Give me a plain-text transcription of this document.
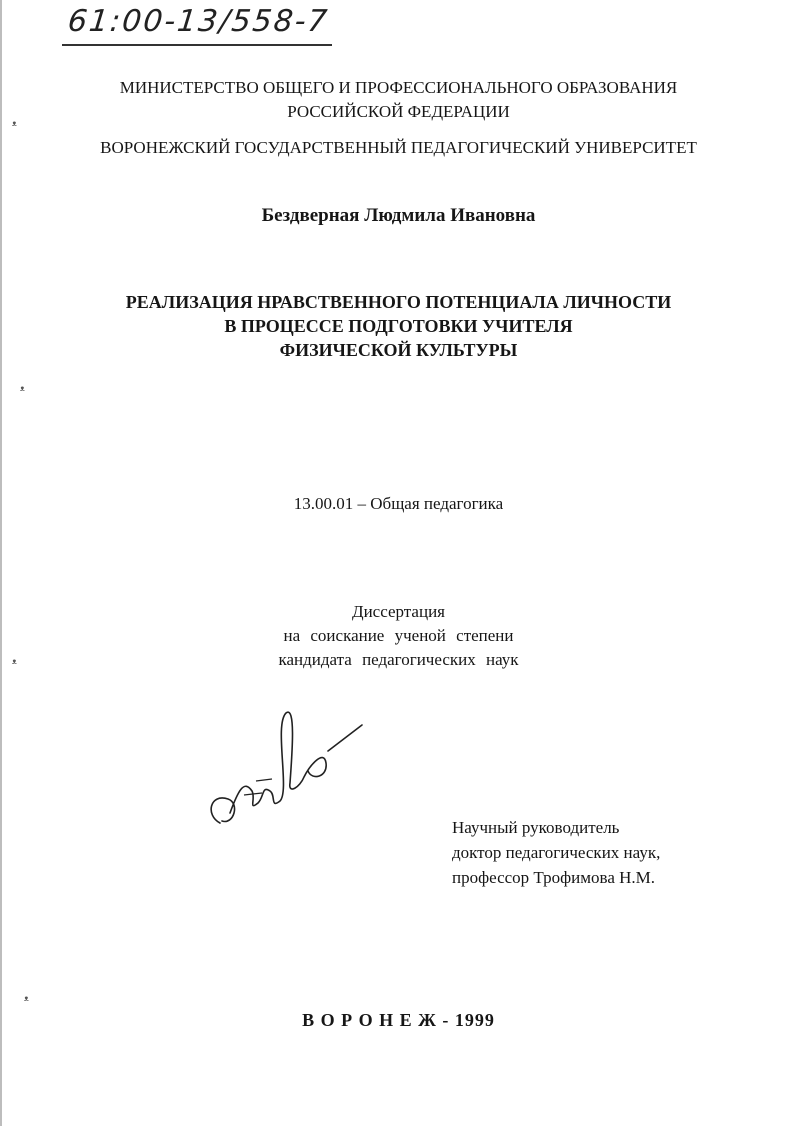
61:00-13/558-7
МИНИСТЕРСТВО ОБЩЕГО И ПРОФЕССИОНАЛЬНОГО ОБРАЗОВАНИЯ
РОССИЙСКОЙ ФЕДЕРАЦИИ
ВОРОНЕЖСКИЙ ГОСУДАРСТВЕННЫЙ ПЕДАГОГИЧЕСКИЙ УНИВЕРСИТЕТ
Бездверная Людмила Ивановна
РЕАЛИЗАЦИЯ НРАВСТВЕННОГО ПОТЕНЦИАЛА ЛИЧНОСТИ
В ПРОЦЕССЕ ПОДГОТОВКИ УЧИТЕЛЯ
ФИЗИЧЕСКОЙ КУЛЬТУРЫ
13.00.01 – Общая педагогика
Диссертация
на соискание ученой степени
кандидата педагогических наук
Научный руководитель
доктор педагогических наук,
профессор Трофимова Н.М.
В О Р О Н Е Ж - 1999
ᵜ
ᵜ
ᵜ
ᵜ
